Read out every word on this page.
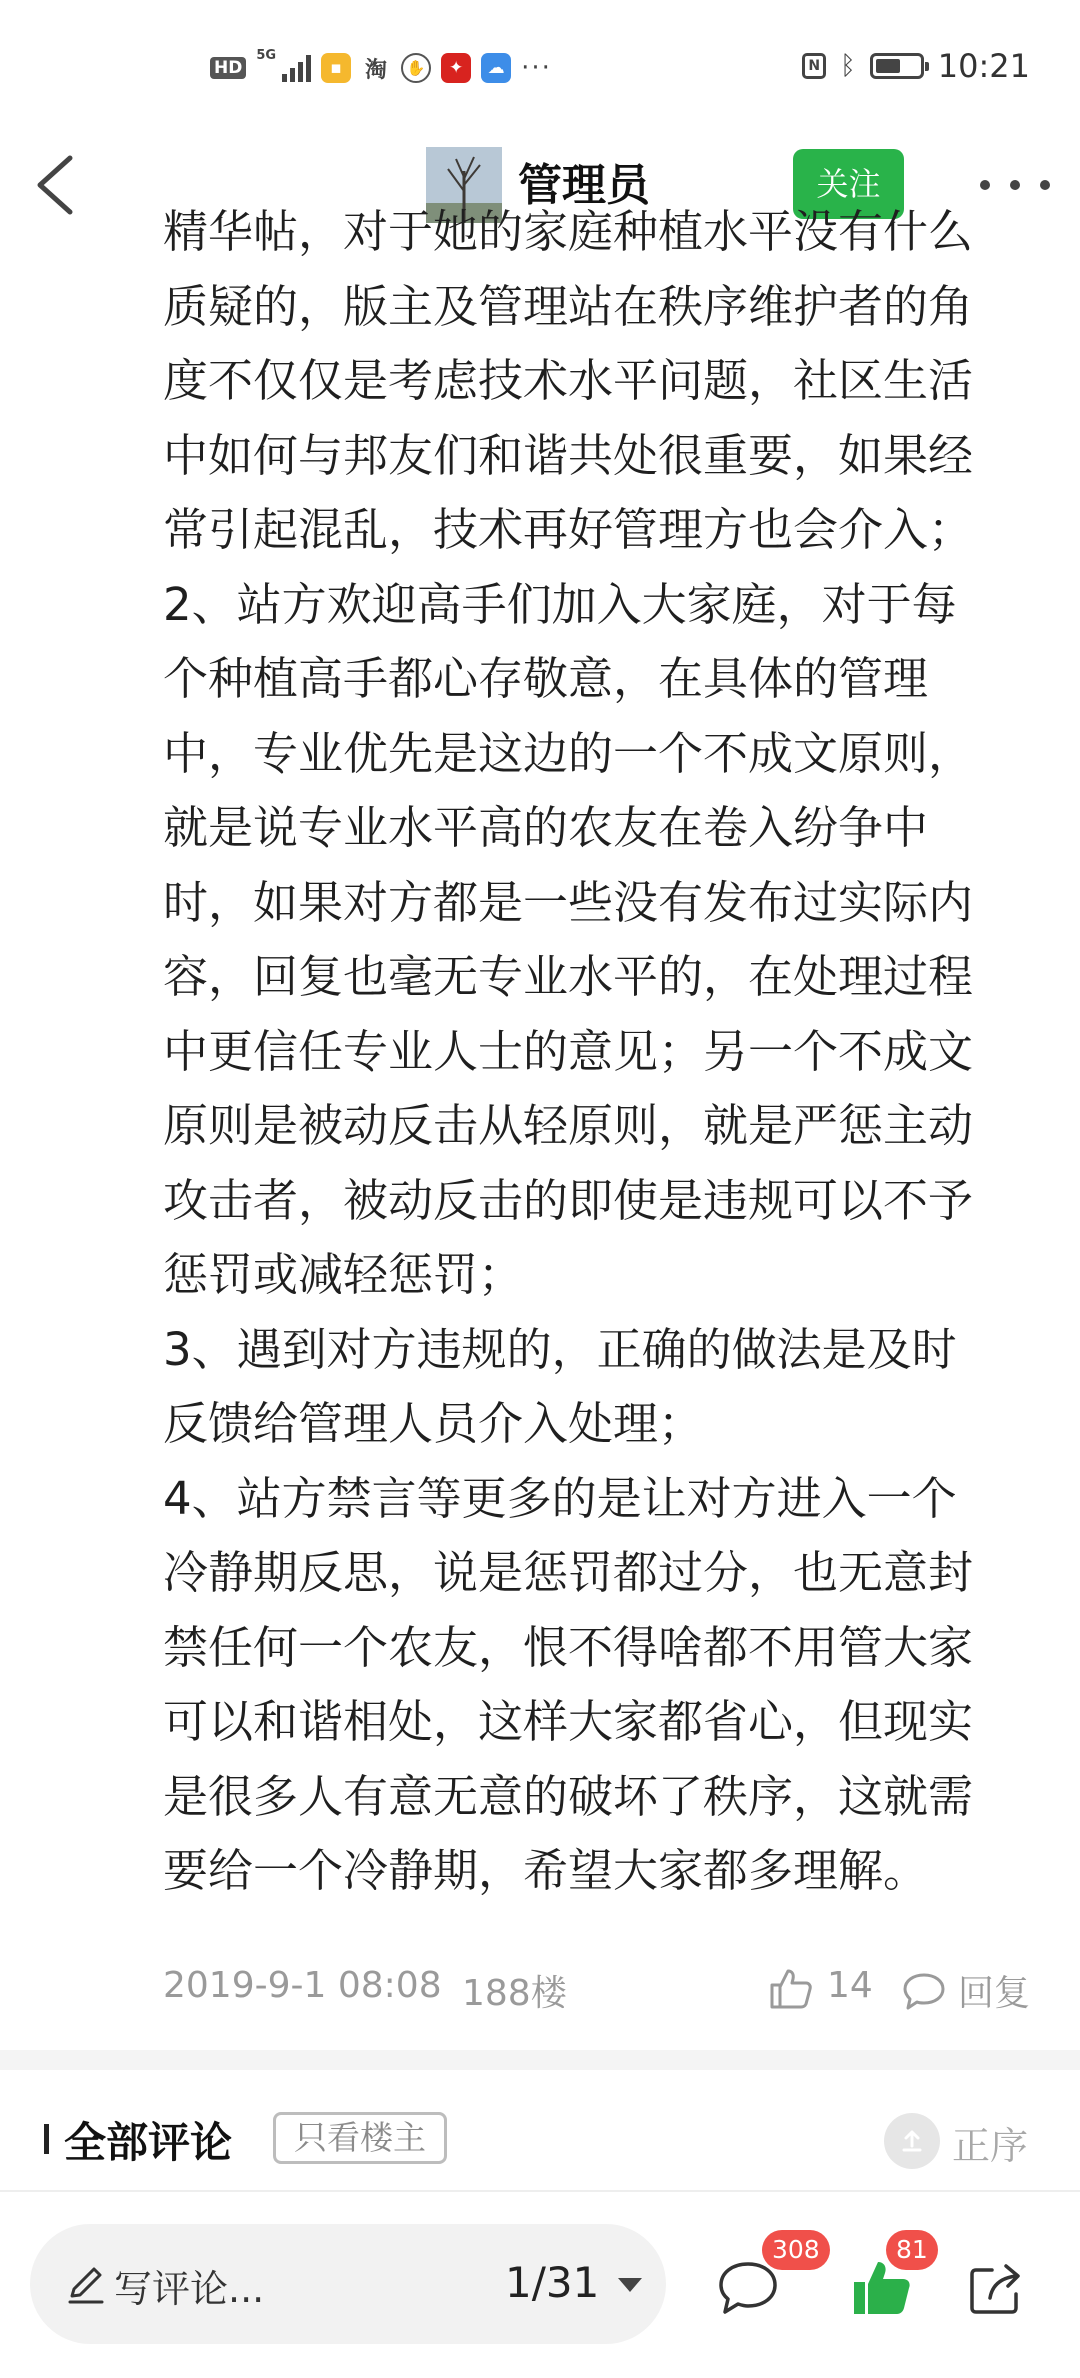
HD
5G
▪	淘	✋	✦	☁ ···	N ᛒ	10:21
管理员	关注

精华帖，对于她的家庭种植水平没有什么

质疑的，版主及管理站在秩序维护者的角

度不仅仅是考虑技术水平问题，社区生活

中如何与邦友们和谐共处很重要，如果经

常引起混乱，技术再好管理方也会介入；

2、站方欢迎高手们加入大家庭，对于每

个种植高手都心存敬意，在具体的管理

中，专业优先是这边的一个不成文原则，

就是说专业水平高的农友在卷入纷争中

时，如果对方都是一些没有发布过实际内

容，回复也毫无专业水平的，在处理过程

中更信任专业人士的意见；另一个不成文

原则是被动反击从轻原则，就是严惩主动

攻击者，被动反击的即使是违规可以不予

惩罚或减轻惩罚；

3、遇到对方违规的，正确的做法是及时

反馈给管理人员介入处理；

4、站方禁言等更多的是让对方进入一个

冷静期反思，说是惩罚都过分，也无意封

禁任何一个农友，恨不得啥都不用管大家

可以和谐相处，这样大家都省心，但现实

是很多人有意无意的破坏了秩序，这就需

要给一个冷静期，希望大家都多理解。

2019-9-1 08:08 188楼	14 回复
全部评论	只看楼主	正序
写评论...	1/31
308	81
